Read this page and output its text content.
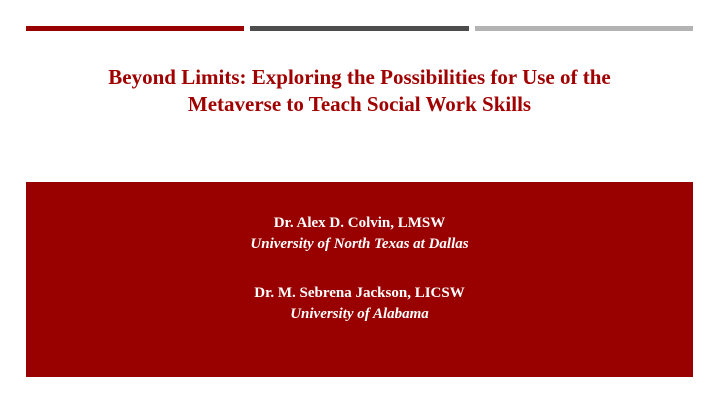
Beyond Limits: Exploring the Possibilities for Use of the
Metaverse to Teach Social Work Skills
Dr. Alex D. Colvin, LMSW
University of North Texas at Dallas
Dr. M. Sebrena Jackson, LICSW
University of Alabama
